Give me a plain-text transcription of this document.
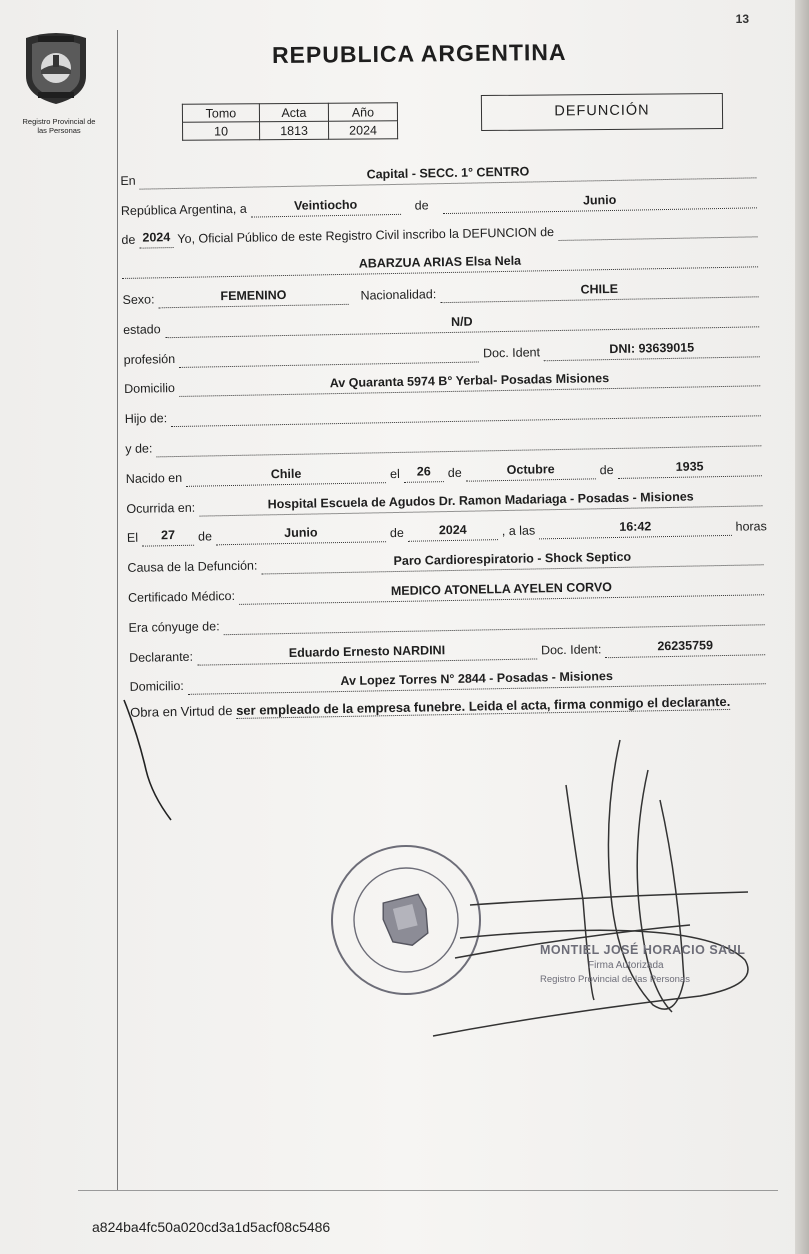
13
Registro Provincial de
las Personas
REPUBLICA ARGENTINA
Tomo	Acta	Año
10	1813	2024
DEFUNCIÓN
En	Capital - SECC. 1° CENTRO
República Argentina, a	Veintiocho	de	Junio
de 2024 Yo, Oficial Público de este Registro Civil inscribo la DEFUNCION de
ABARZUA ARIAS Elsa Nela
Sexo:	FEMENINO	Nacionalidad:	CHILE
estado
N/D
profesión	Doc. Ident	DNI: 93639015
Domicilio	Av Quaranta 5974 B° Yerbal- Posadas Misiones
Hijo de:
y de:
Nacido en	Chile	el	26	de	Octubre	de	1935
Ocurrida en:	Hospital Escuela de Agudos Dr. Ramon Madariaga - Posadas - Misiones
El	27	de	Junio	de	2024	, a las	16:42	horas
Causa de la Defunción:	Paro Cardiorespiratorio - Shock Septico
Certificado Médico:	MEDICO ATONELLA AYELEN CORVO
Era cónyuge de:
Declarante:	Eduardo Ernesto NARDINI	Doc. Ident:	26235759
Domicilio:	Av Lopez Torres N° 2844 - Posadas - Misiones
Obra en Virtud de ser empleado de la empresa funebre. Leida el acta, firma conmigo el declarante.
MONTIEL JOSÉ HORACIO SAUL
Firma Autorizada
Registro Provincial de las Personas
a824ba4fc50a020cd3a1d5acf08c5486
